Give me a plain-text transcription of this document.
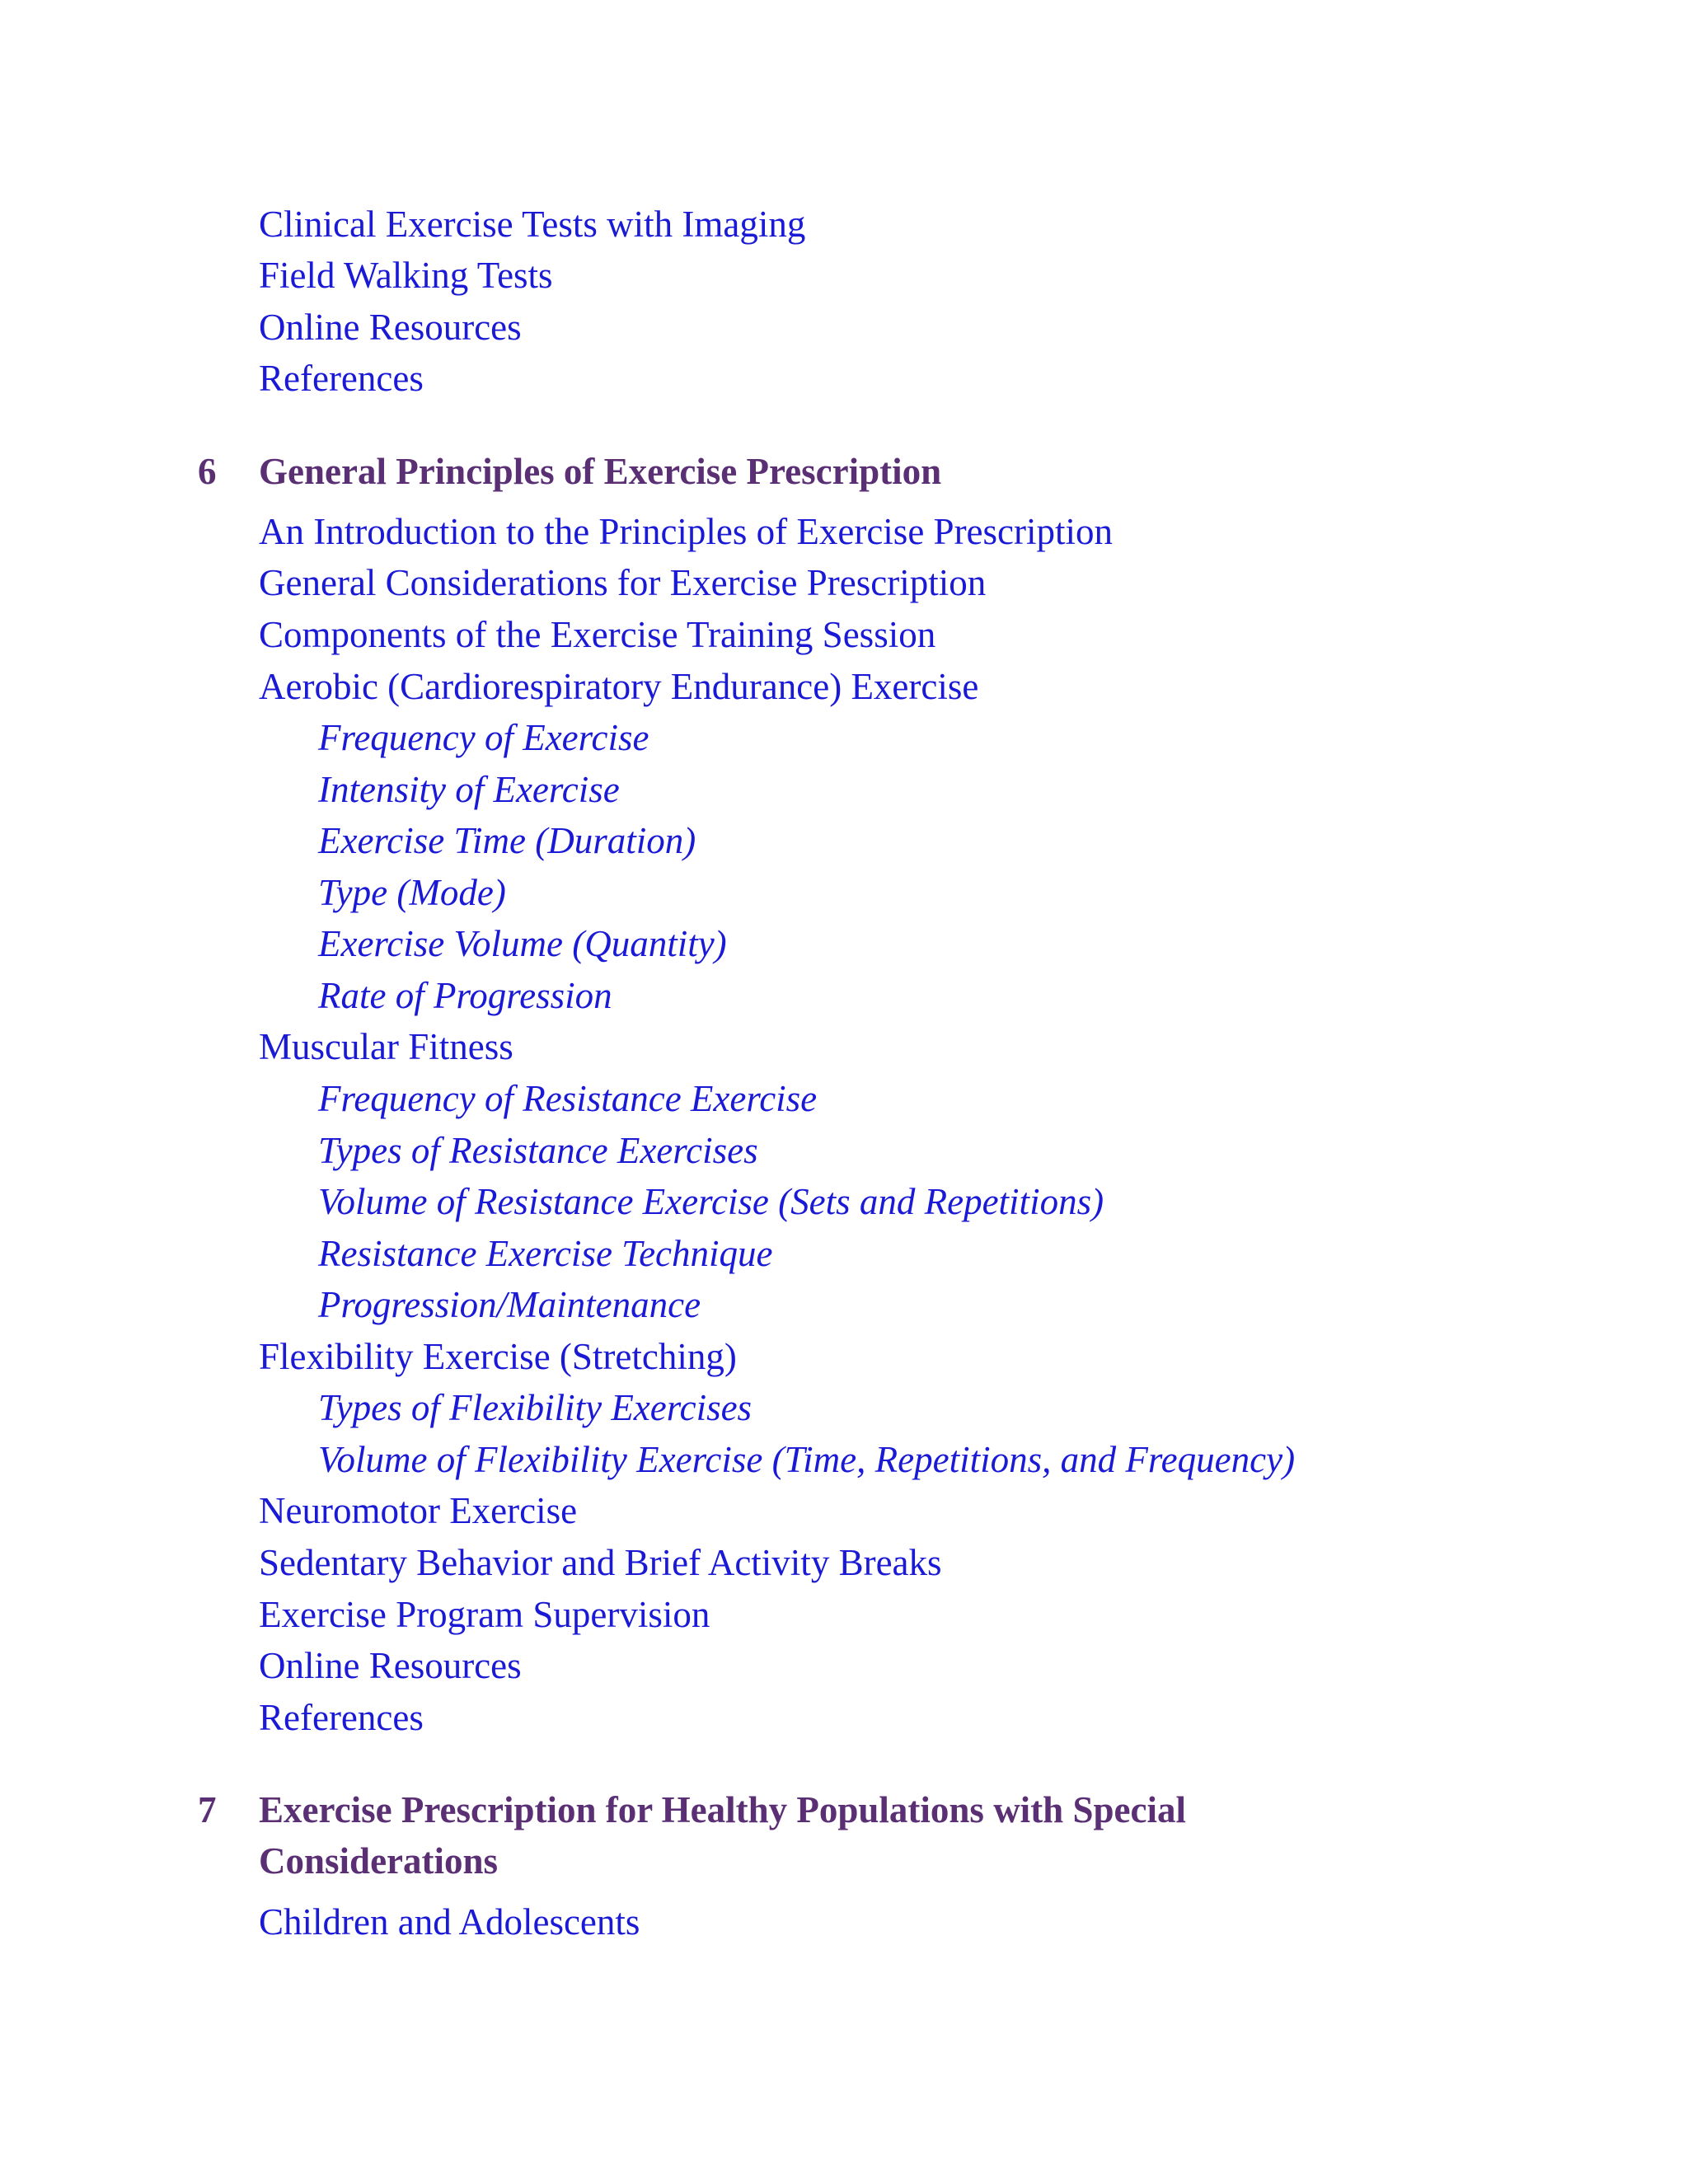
Clinical Exercise Tests with Imaging
Field Walking Tests
Online Resources
References
6 General Principles of Exercise Prescription
An Introduction to the Principles of Exercise Prescription
General Considerations for Exercise Prescription
Components of the Exercise Training Session
Aerobic (Cardiorespiratory Endurance) Exercise
Frequency of Exercise
Intensity of Exercise
Exercise Time (Duration)
Type (Mode)
Exercise Volume (Quantity)
Rate of Progression
Muscular Fitness
Frequency of Resistance Exercise
Types of Resistance Exercises
Volume of Resistance Exercise (Sets and Repetitions)
Resistance Exercise Technique
Progression/Maintenance
Flexibility Exercise (Stretching)
Types of Flexibility Exercises
Volume of Flexibility Exercise (Time, Repetitions, and Frequency)
Neuromotor Exercise
Sedentary Behavior and Brief Activity Breaks
Exercise Program Supervision
Online Resources
References
7 Exercise Prescription for Healthy Populations with Special
Considerations
Children and Adolescents
